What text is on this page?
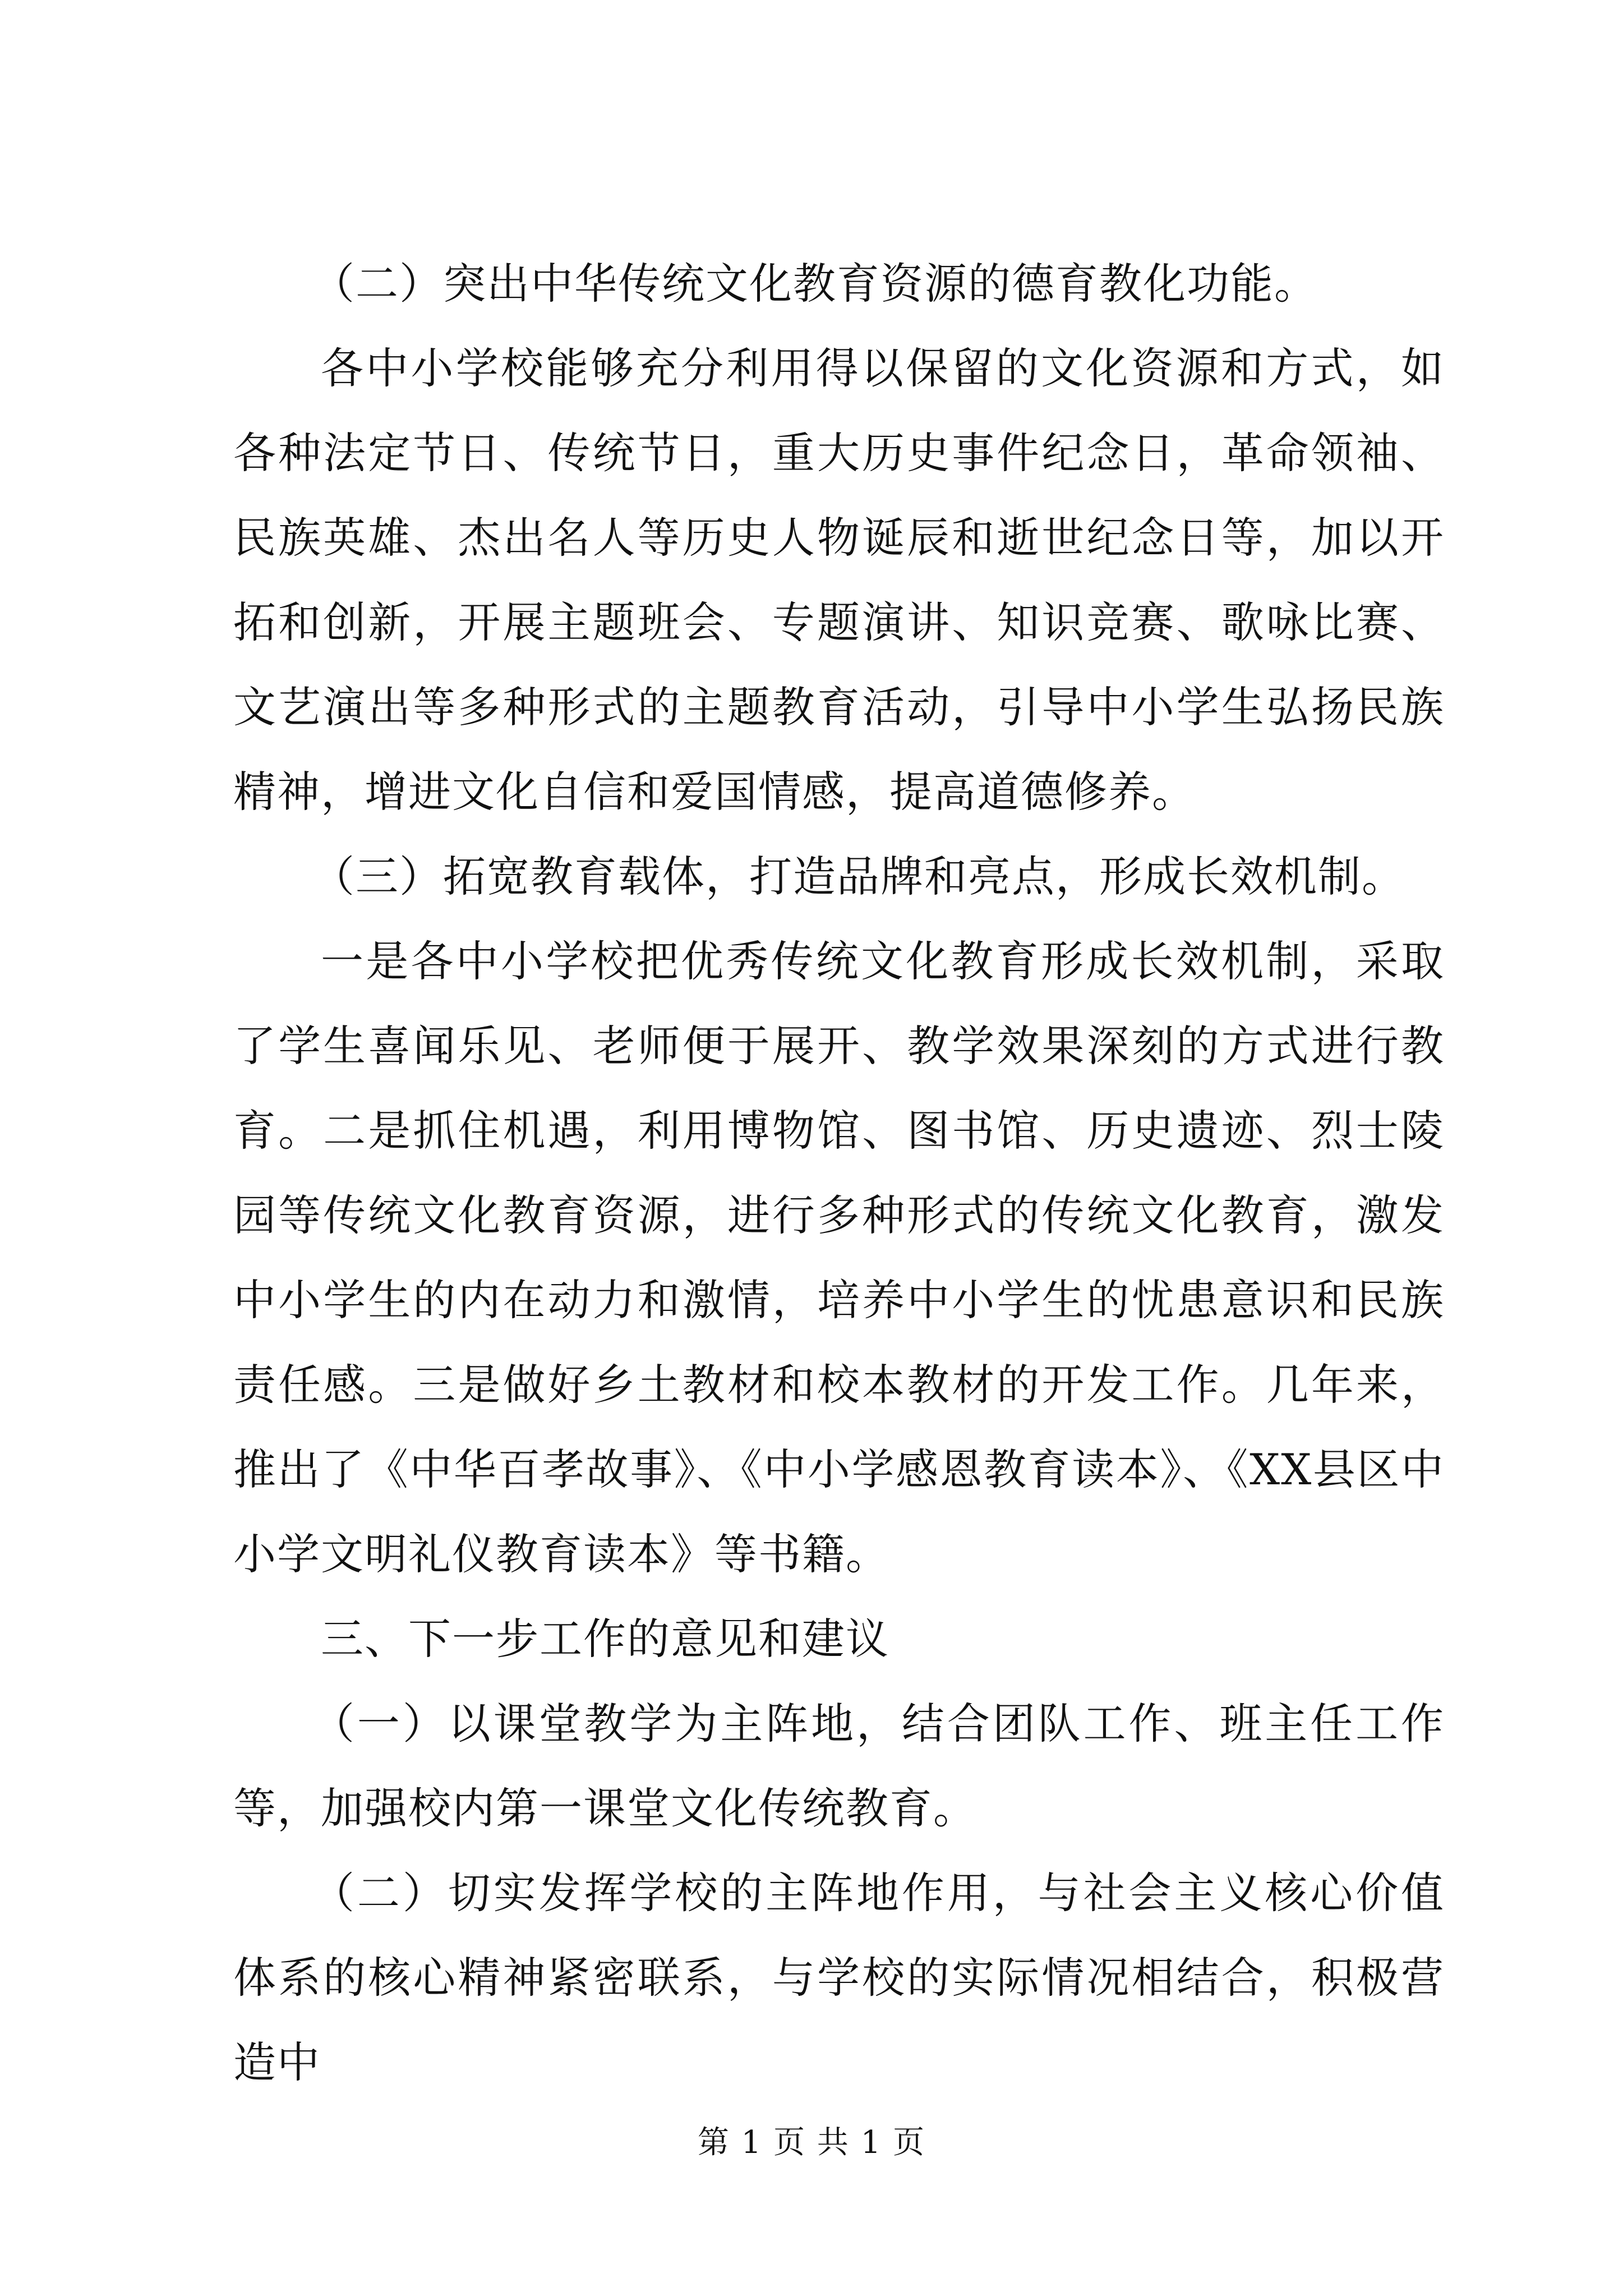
（二）突出中华传统文化教育资源的德育教化功能。

各中小学校能够充分利用得以保留的文化资源和方式，如各种法定节日、传统节日，重大历史事件纪念日，革命领袖、民族英雄、杰出名人等历史人物诞辰和逝世纪念日等，加以开拓和创新，开展主题班会、专题演讲、知识竞赛、歌咏比赛、文艺演出等多种形式的主题教育活动，引导中小学生弘扬民族精神，增进文化自信和爱国情感，提高道德修养。

（三）拓宽教育载体，打造品牌和亮点，形成长效机制。

一是各中小学校把优秀传统文化教育形成长效机制，采取了学生喜闻乐见、老师便于展开、教学效果深刻的方式进行教育。二是抓住机遇，利用博物馆、图书馆、历史遗迹、烈士陵园等传统文化教育资源，进行多种形式的传统文化教育，激发中小学生的内在动力和激情，培养中小学生的忧患意识和民族责任感。三是做好乡土教材和校本教材的开发工作。几年来，推出了《中华百孝故事》、《中小学感恩教育读本》、《XX县区中小学文明礼仪教育读本》等书籍。

三、下一步工作的意见和建议

（一）以课堂教学为主阵地，结合团队工作、班主任工作等，加强校内第一课堂文化传统教育。

（二）切实发挥学校的主阵地作用，与社会主义核心价值体系的核心精神紧密联系，与学校的实际情况相结合，积极营造中

第 1 页 共 1 页
